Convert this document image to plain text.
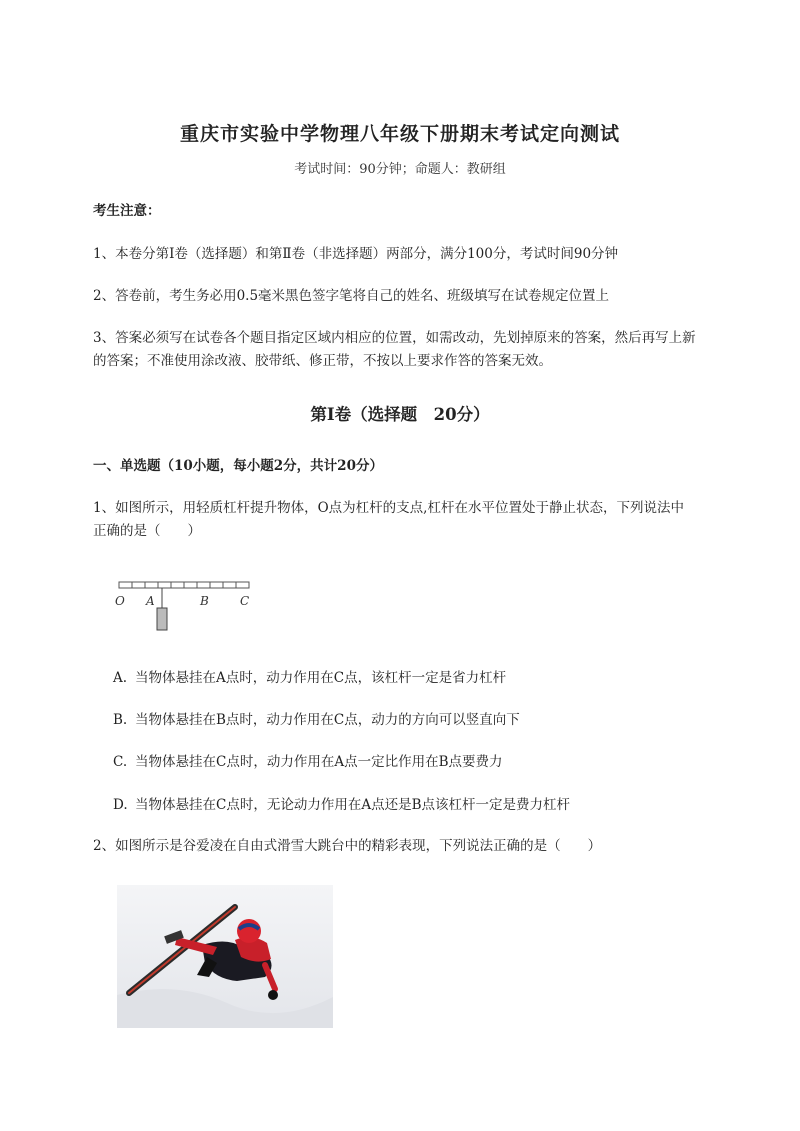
重庆市实验中学物理八年级下册期末考试定向测试
考试时间：90分钟；命题人：教研组
考生注意：
1、本卷分第I卷（选择题）和第Ⅱ卷（非选择题）两部分，满分100分，考试时间90分钟
2、答卷前，考生务必用0.5毫米黑色签字笔将自己的姓名、班级填写在试卷规定位置上
3、答案必须写在试卷各个题目指定区域内相应的位置，如需改动，先划掉原来的答案，然后再写上新
的答案；不准使用涂改液、胶带纸、修正带，不按以上要求作答的答案无效。
第I卷（选择题　20分）
一、单选题（10小题，每小题2分，共计20分）
1、如图所示，用轻质杠杆提升物体，O点为杠杆的支点,杠杆在水平位置处于静止状态，下列说法中
正确的是（　　）
O A	B	C
A. 当物体悬挂在A点时，动力作用在C点，该杠杆一定是省力杠杆
B. 当物体悬挂在B点时，动力作用在C点，动力的方向可以竖直向下
C. 当物体悬挂在C点时，动力作用在A点一定比作用在B点要费力
D. 当物体悬挂在C点时，无论动力作用在A点还是B点该杠杆一定是费力杠杆
2、如图所示是谷爱凌在自由式滑雪大跳台中的精彩表现，下列说法正确的是（　　）
